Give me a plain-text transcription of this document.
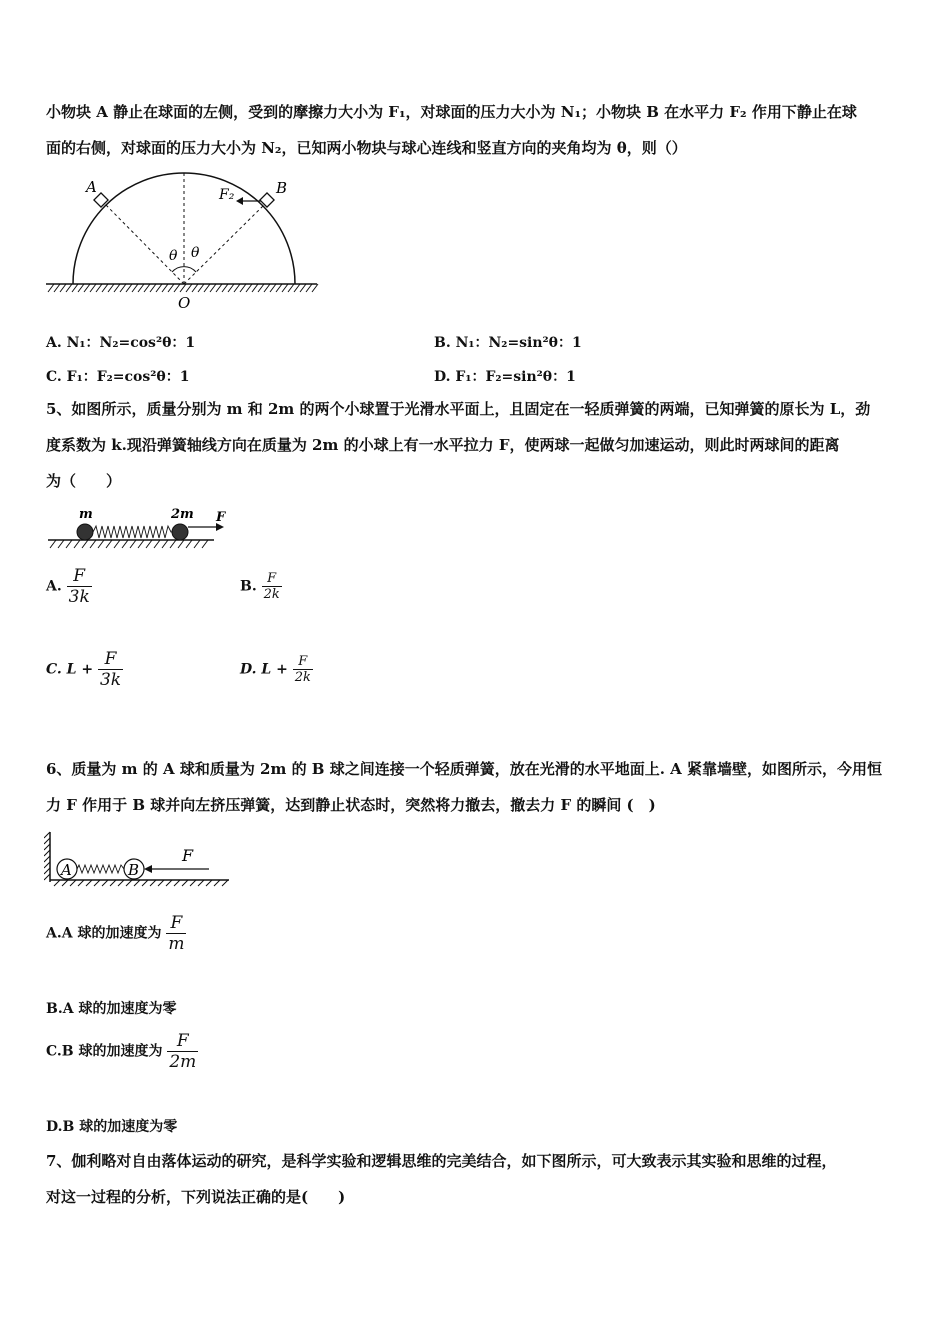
小物块 A 静止在球面的左侧，受到的摩擦力大小为 F₁，对球面的压力大小为 N₁；小物块 B 在水平力 F₂ 作用下静止在球
面的右侧，对球面的压力大小为 N₂，已知两小物块与球心连线和竖直方向的夹角均为 θ，则（）
A	B
F₂
θ θ
O
A. N₁：N₂=cos²θ：1	B. N₁：N₂=sin²θ：1
C. F₁：F₂=cos²θ：1	D. F₁：F₂=sin²θ：1
5、如图所示，质量分别为 m 和 2m 的两个小球置于光滑水平面上，且固定在一轻质弹簧的两端，已知弹簧的原长为 L，劲
度系数为 k.现沿弹簧轴线方向在质量为 2m 的小球上有一水平拉力 F，使两球一起做匀加速运动，则此时两球间的距离
为（　　）
m	2m F
A. $\frac{F}{3k}$	B. $\frac{F}{2k}$
C. $L + \frac{F}{3k}$	D. $L + \frac{F}{2k}$
6、质量为 m 的 A 球和质量为 2m 的 B 球之间连接一个轻质弹簧，放在光滑的水平地面上. A 紧靠墙壁，如图所示，今用恒
力 F 作用于 B 球并向左挤压弹簧，达到静止状态时，突然将力撤去，撤去力 F 的瞬间 (　)
A	B
F
A.A 球的加速度为 $\frac{F}{m}$
B.A 球的加速度为零
C.B 球的加速度为 $\frac{F}{2m}$
D.B 球的加速度为零
7、伽利略对自由落体运动的研究，是科学实验和逻辑思维的完美结合，如下图所示，可大致表示其实验和思维的过程，
对这一过程的分析，下列说法正确的是(　　)
